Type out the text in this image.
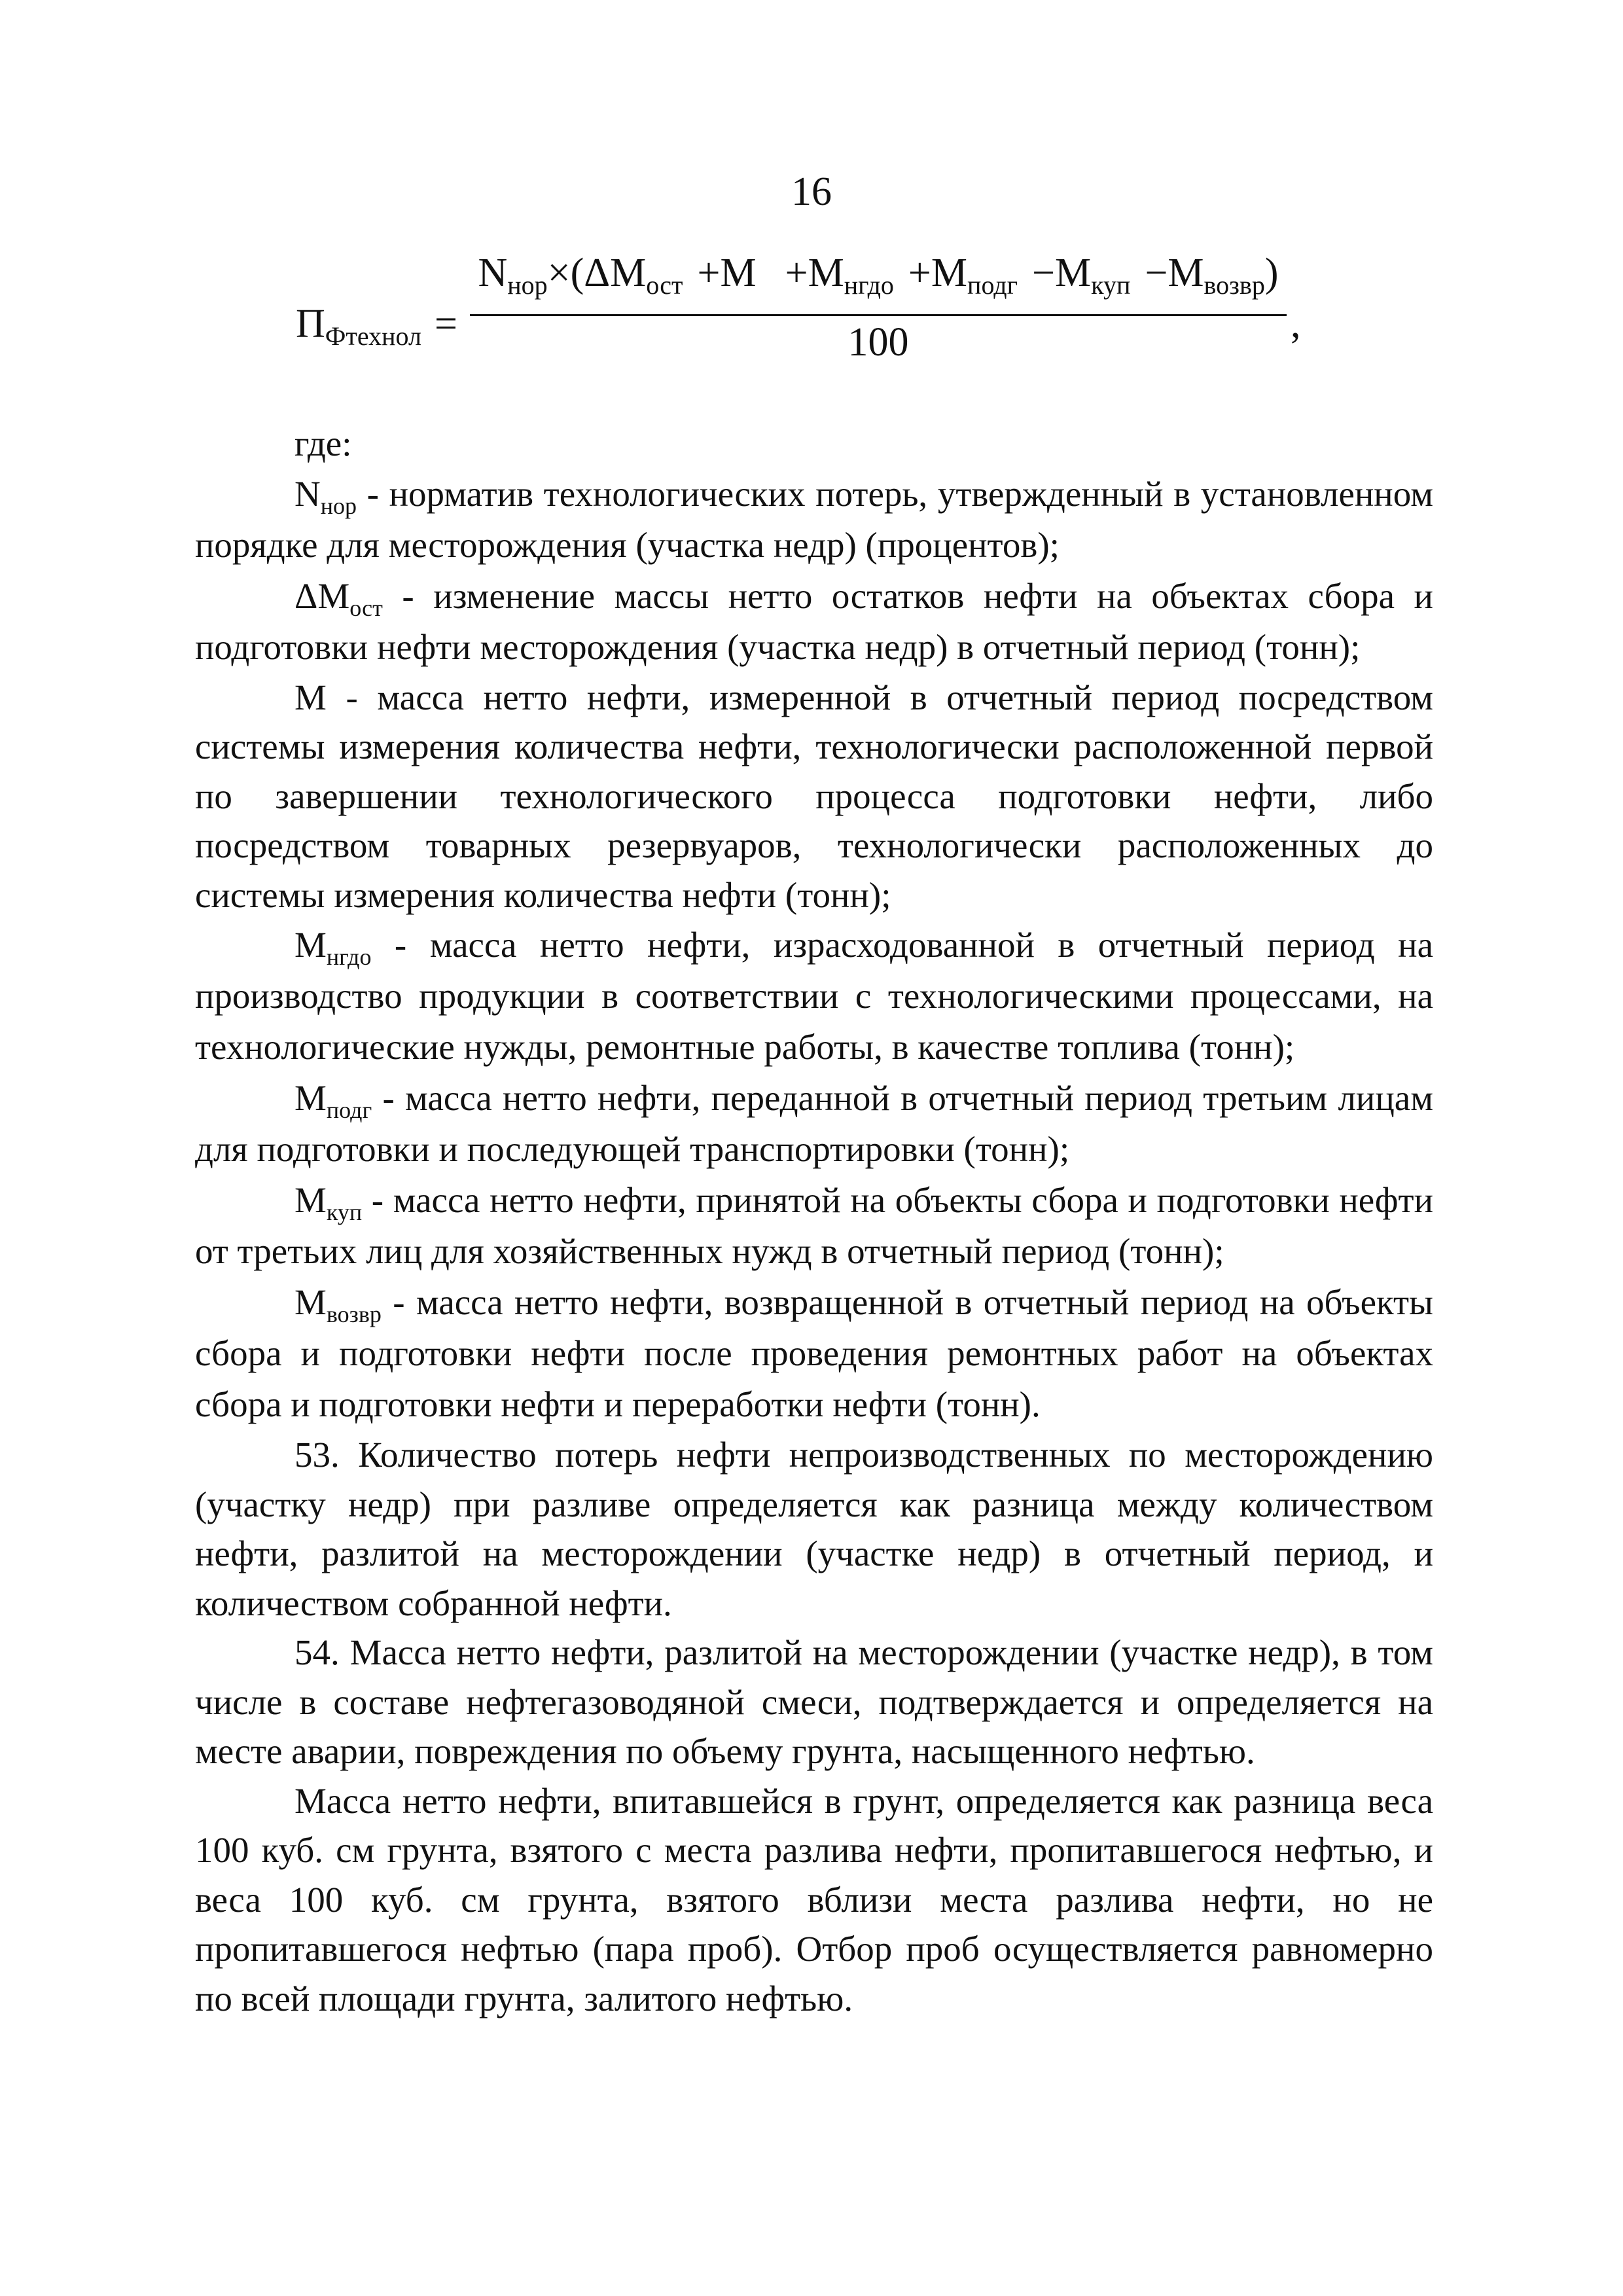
16
$П_{Фтехнол}$ =
$N_{нор}\times(\Delta M_{ост} +M +M_{нгдо} +M_{подг} -M_{куп} -M_{возвр})$
100	,

где:

$N_{нор}$ - норматив технологических потерь, утвержденный в установленном порядке для месторождения (участка недр) (процентов);

$\Delta M_{ост}$ - изменение массы нетто остатков нефти на объектах сбора и подготовки нефти месторождения (участка недр) в отчетный период (тонн);

M - масса нетто нефти, измеренной в отчетный период посредством системы измерения количества нефти, технологически расположенной первой по завершении технологического процесса подготовки нефти, либо посредством товарных резервуаров, технологически расположенных до системы измерения количества нефти (тонн);

$M_{нгдо}$ - масса нетто нефти, израсходованной в отчетный период на производство продукции в соответствии с технологическими процессами, на технологические нужды, ремонтные работы, в качестве топлива (тонн);

$M_{подг}$ - масса нетто нефти, переданной в отчетный период третьим лицам для подготовки и последующей транспортировки (тонн);

$M_{куп}$ - масса нетто нефти, принятой на объекты сбора и подготовки нефти от третьих лиц для хозяйственных нужд в отчетный период (тонн);

$M_{возвр}$ - масса нетто нефти, возвращенной в отчетный период на объекты сбора и подготовки нефти после проведения ремонтных работ на объектах сбора и подготовки нефти и переработки нефти (тонн).

53. Количество потерь нефти непроизводственных по месторождению (участку недр) при разливе определяется как разница между количеством нефти, разлитой на месторождении (участке недр) в отчетный период, и количеством собранной нефти.

54. Масса нетто нефти, разлитой на месторождении (участке недр), в том числе в составе нефтегазоводяной смеси, подтверждается и определяется на месте аварии, повреждения по объему грунта, насыщенного нефтью.

Масса нетто нефти, впитавшейся в грунт, определяется как разница веса 100 куб. см грунта, взятого с места разлива нефти, пропитавшегося нефтью, и веса 100 куб. см грунта, взятого вблизи места разлива нефти, но не пропитавшегося нефтью (пара проб). Отбор проб осуществляется равномерно по всей площади грунта, залитого нефтью.
